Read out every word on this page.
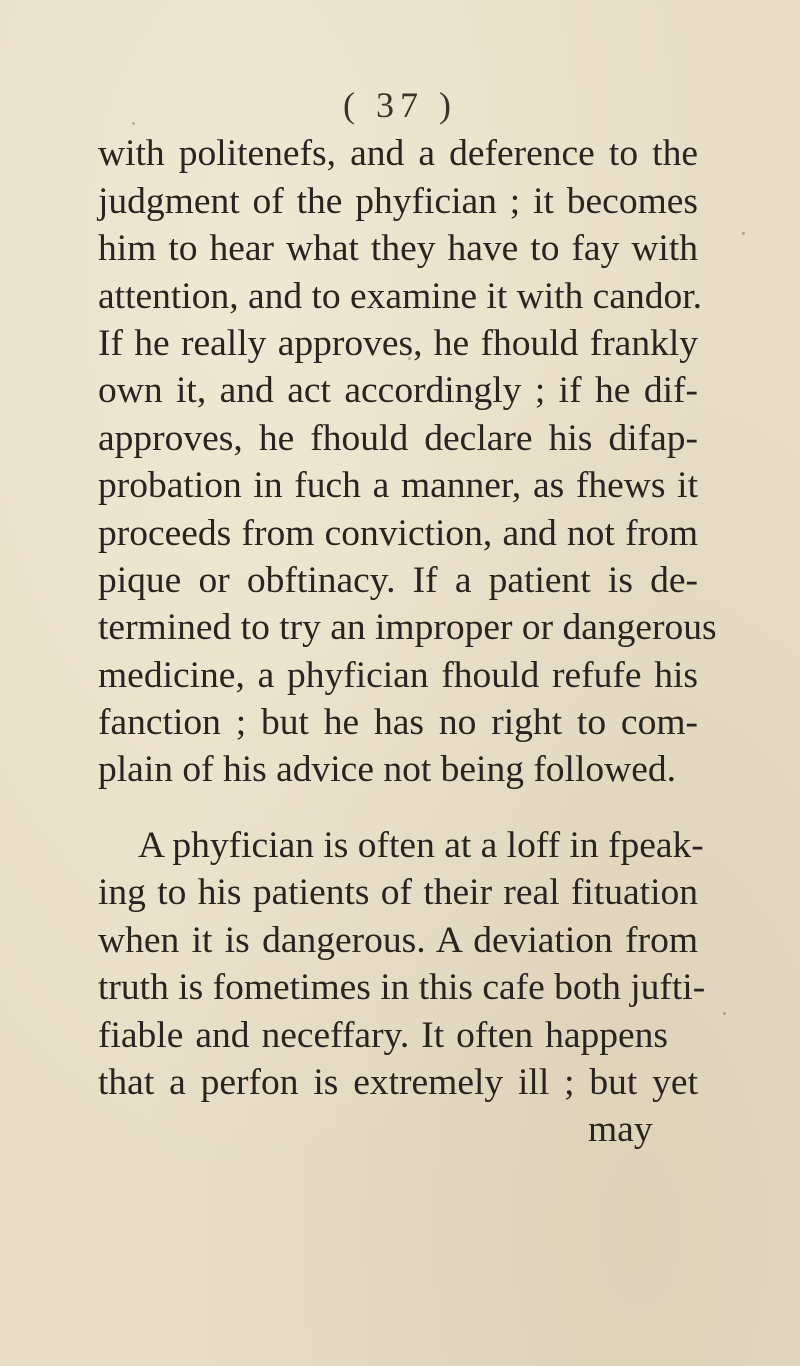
( 37 )
with politenefs, and a deference to the
judgment of the phyfician ; it becomes
him to hear what they have to fay with
attention, and to examine it with candor.
If he really approves, he fhould frankly
own it, and act accordingly ; if he dif-
approves, he fhould declare his difap-
probation in fuch a manner, as fhews it
proceeds from conviction, and not from
pique or obftinacy. If a patient is de-
termined to try an improper or dangerous
medicine, a phyfician fhould refufe his
fanction ; but he has no right to com-
plain of his advice not being followed.
A phyfician is often at a loff in fpeak-
ing to his patients of their real fituation
when it is dangerous. A deviation from
truth is fometimes in this cafe both jufti-
fiable and neceffary. It often happens
that a perfon is extremely ill ; but yet
may
